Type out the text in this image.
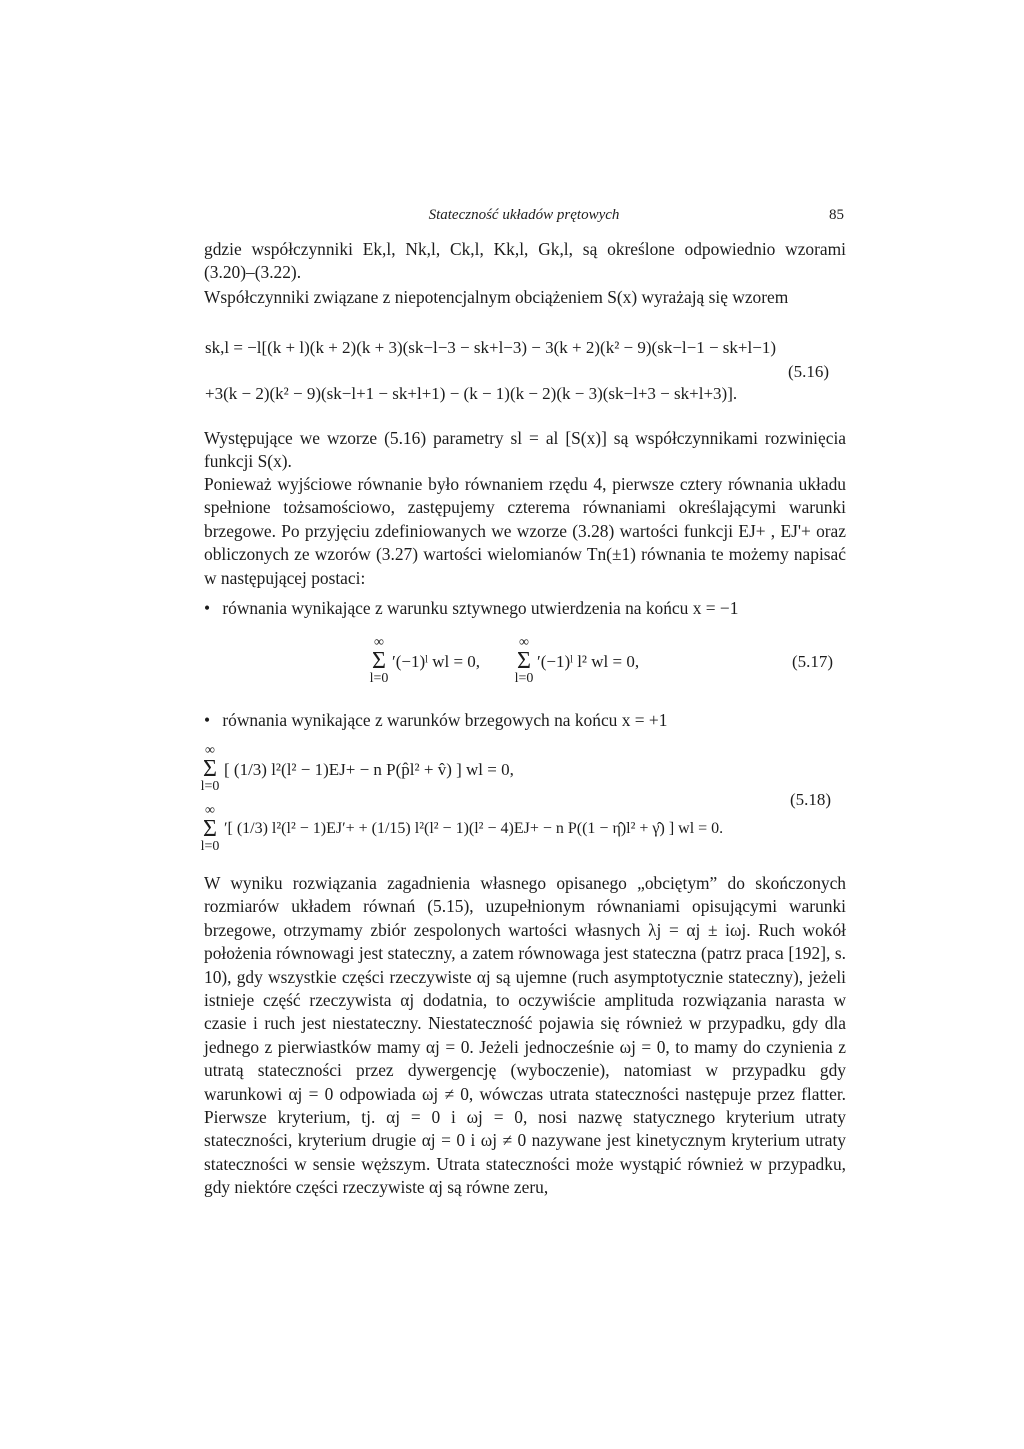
Stateczność układów prętowych	85

gdzie współczynniki Ek,l, Nk,l, Ck,l, Kk,l, Gk,l, są określone odpowiednio wzorami (3.20)–(3.22).

Współczynniki związane z niepotencjalnym obciążeniem S(x) wyrażają się wzorem

sk,l = −l[(k + l)(k + 2)(k + 3)(sk−l−3 − sk+l−3) − 3(k + 2)(k² − 9)(sk−l−1 − sk+l−1)
(5.16)
+3(k − 2)(k² − 9)(sk−l+1 − sk+l+1) − (k − 1)(k − 2)(k − 3)(sk−l+3 − sk+l+3)].

Występujące we wzorze (5.16) parametry sl = al [S(x)] są współczynnikami rozwinięcia funkcji S(x).

Ponieważ wyjściowe równanie było równaniem rzędu 4, pierwsze cztery równania układu spełnione tożsamościowo, zastępujemy czterema równaniami określającymi warunki brzegowe. Po przyjęciu zdefiniowanych we wzorze (3.28) wartości funkcji EJ+ , EJ'+ oraz obliczonych ze wzorów (3.27) wartości wielomianów Tn(±1) równania te możemy napisać w następującej postaci:

• równania wynikające z warunku sztywnego utwierdzenia na końcu x = −1
∞
Σ
l=0
′(−1)ˡ wl = 0,
∞
Σ
l=0
′(−1)ˡ l² wl = 0,	(5.17)
• równania wynikające z warunków brzegowych na końcu x = +1
∞
Σ
l=0
[ (1/3) l²(l² − 1)EJ+ − n P(p̂l² + v̂) ] wl = 0,
(5.18)
∞
Σ
l=0
′[ (1/3) l²(l² − 1)EJ′+ + (1/15) l²(l² − 1)(l² − 4)EJ+ − n P((1 − η̂)l² + γ̂) ] wl = 0.

W wyniku rozwiązania zagadnienia własnego opisanego „obciętym” do skończonych rozmiarów układem równań (5.15), uzupełnionym równaniami opisującymi warunki brzegowe, otrzymamy zbiór zespolonych wartości własnych λj = αj ± iωj. Ruch wokół położenia równowagi jest stateczny, a zatem równowaga jest stateczna (patrz praca [192], s. 10), gdy wszystkie części rzeczywiste αj są ujemne (ruch asymptotycznie stateczny), jeżeli istnieje część rzeczywista αj dodatnia, to oczywiście amplituda rozwiązania narasta w czasie i ruch jest niestateczny. Niestateczność pojawia się również w przypadku, gdy dla jednego z pierwiastków mamy αj = 0. Jeżeli jednocześnie ωj = 0, to mamy do czynienia z utratą stateczności przez dywergencję (wyboczenie), natomiast w przypadku gdy warunkowi αj = 0 odpowiada ωj ≠ 0, wówczas utrata stateczności następuje przez flatter. Pierwsze kryterium, tj. αj = 0 i ωj = 0, nosi nazwę statycznego kryterium utraty stateczności, kryterium drugie αj = 0 i ωj ≠ 0 nazywane jest kinetycznym kryterium utraty stateczności w sensie węższym. Utrata stateczności może wystąpić również w przypadku, gdy niektóre części rzeczywiste αj są równe zeru,
